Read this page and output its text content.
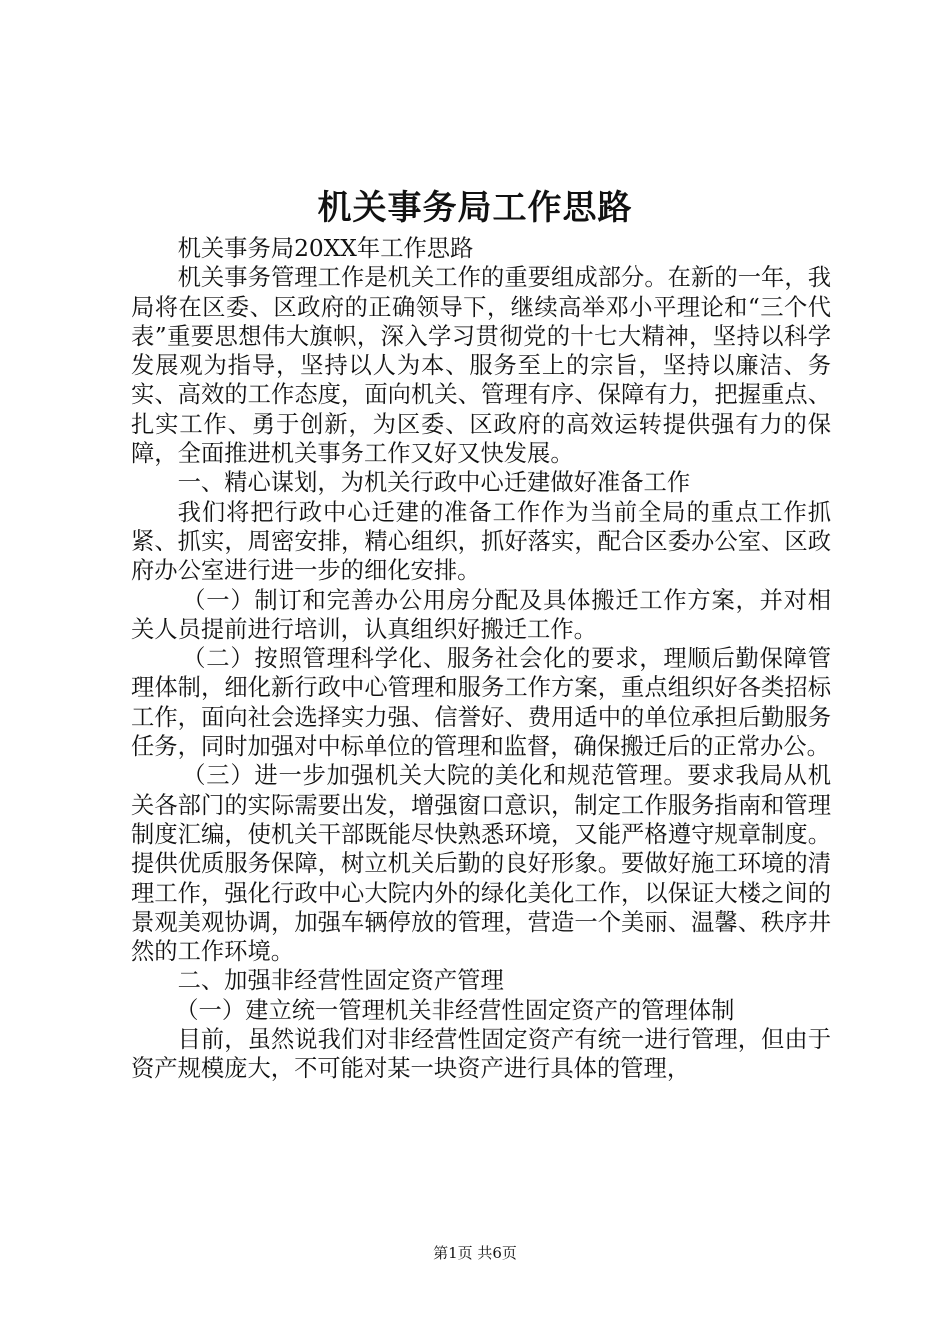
机关事务局工作思路

机关事务局20XX年工作思路

机关事务管理工作是机关工作的重要组成部分。在新的一年，我局将在区委、区政府的正确领导下，继续高举邓小平理论和“三个代表”重要思想伟大旗帜，深入学习贯彻党的十七大精神，坚持以科学发展观为指导，坚持以人为本、服务至上的宗旨，坚持以廉洁、务实、高效的工作态度，面向机关、管理有序、保障有力，把握重点、扎实工作、勇于创新，为区委、区政府的高效运转提供强有力的保障，全面推进机关事务工作又好又快发展。

一、精心谋划，为机关行政中心迁建做好准备工作

我们将把行政中心迁建的准备工作作为当前全局的重点工作抓紧、抓实，周密安排，精心组织，抓好落实，配合区委办公室、区政府办公室进行进一步的细化安排。

（一）制订和完善办公用房分配及具体搬迁工作方案，并对相关人员提前进行培训，认真组织好搬迁工作。

（二）按照管理科学化、服务社会化的要求，理顺后勤保障管理体制，细化新行政中心管理和服务工作方案，重点组织好各类招标工作，面向社会选择实力强、信誉好、费用适中的单位承担后勤服务任务，同时加强对中标单位的管理和监督，确保搬迁后的正常办公。

（三）进一步加强机关大院的美化和规范管理。要求我局从机关各部门的实际需要出发，增强窗口意识，制定工作服务指南和管理制度汇编，使机关干部既能尽快熟悉环境，又能严格遵守规章制度。提供优质服务保障，树立机关后勤的良好形象。要做好施工环境的清理工作，强化行政中心大院内外的绿化美化工作，以保证大楼之间的景观美观协调，加强车辆停放的管理，营造一个美丽、温馨、秩序井然的工作环境。

二、加强非经营性固定资产管理

（一）建立统一管理机关非经营性固定资产的管理体制

目前，虽然说我们对非经营性固定资产有统一进行管理，但由于资产规模庞大，不可能对某一块资产进行具体的管理，

第1页 共6页
